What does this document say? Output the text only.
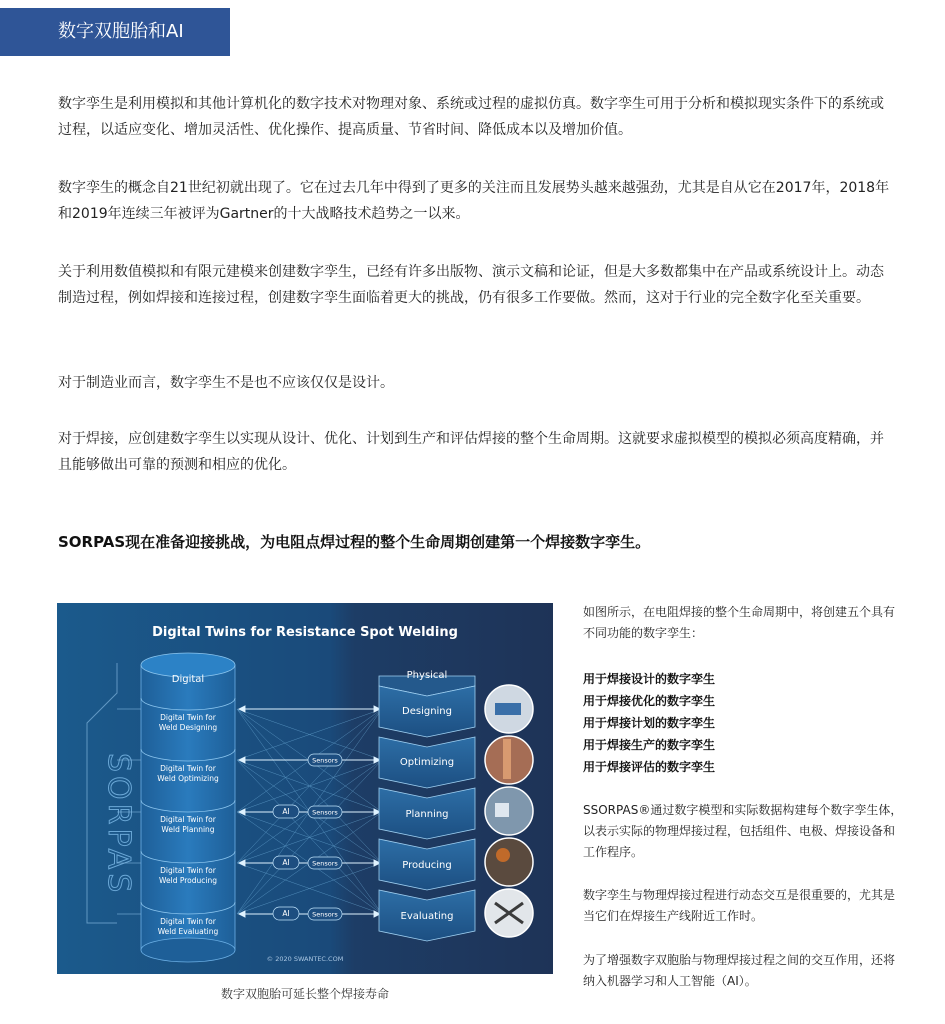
数字双胞胎和AI

数字孪生是利用模拟和其他计算机化的数字技术对物理对象、系统或过程的虚拟仿真。数字孪生可用于分析和模拟现实条件下的系统或过程，以适应变化、增加灵活性、优化操作、提高质量、节省时间、降低成本以及增加价值。

数字孪生的概念自21世纪初就出现了。它在过去几年中得到了更多的关注而且发展势头越来越强劲，尤其是自从它在2017年，2018年和2019年连续三年被评为Gartner的十大战略技术趋势之一以来。

关于利用数值模拟和有限元建模来创建数字孪生，已经有许多出版物、演示文稿和论证，但是大多数都集中在产品或系统设计上。动态制造过程，例如焊接和连接过程，创建数字孪生面临着更大的挑战，仍有很多工作要做。然而，这对于行业的完全数字化至关重要。

对于制造业而言，数字孪生不是也不应该仅仅是设计。

对于焊接，应创建数字孪生以实现从设计、优化、计划到生产和评估焊接的整个生命周期。这就要求虚拟模型的模拟必须高度精确，并且能够做出可靠的预测和相应的优化。

SORPAS现在准备迎接挑战，为电阻点焊过程的整个生命周期创建第一个焊接数字孪生。
Digital Twins for Resistance Spot Welding
SORPAS
Digital
Digital Twin for
Weld Designing
Digital Twin for
Weld Optimizing
Digital Twin for
Weld Planning
Digital Twin for
Weld Producing
Digital Twin for
Weld Evaluating
Sensors
AI	Sensors
AI	Sensors
AI	Sensors
Physical
Designing
Optimizing
Planning
Producing
Evaluating
© 2020 SWANTEC.COM
数字双胞胎可延长整个焊接寿命

如图所示，在电阻焊接的整个生命周期中，将创建五个具有不同功能的数字孪生：

用于焊接设计的数字孪生
用于焊接优化的数字孪生
用于焊接计划的数字孪生
用于焊接生产的数字孪生
用于焊接评估的数字孪生

SSORPAS®通过数字模型和实际数据构建每个数字孪生体，以表示实际的物理焊接过程，包括组件、电极、焊接设备和工作程序。

数字孪生与物理焊接过程进行动态交互是很重要的，尤其是当它们在焊接生产线附近工作时。

为了增强数字双胞胎与物理焊接过程之间的交互作用，还将纳入机器学习和人工智能（AI）。
